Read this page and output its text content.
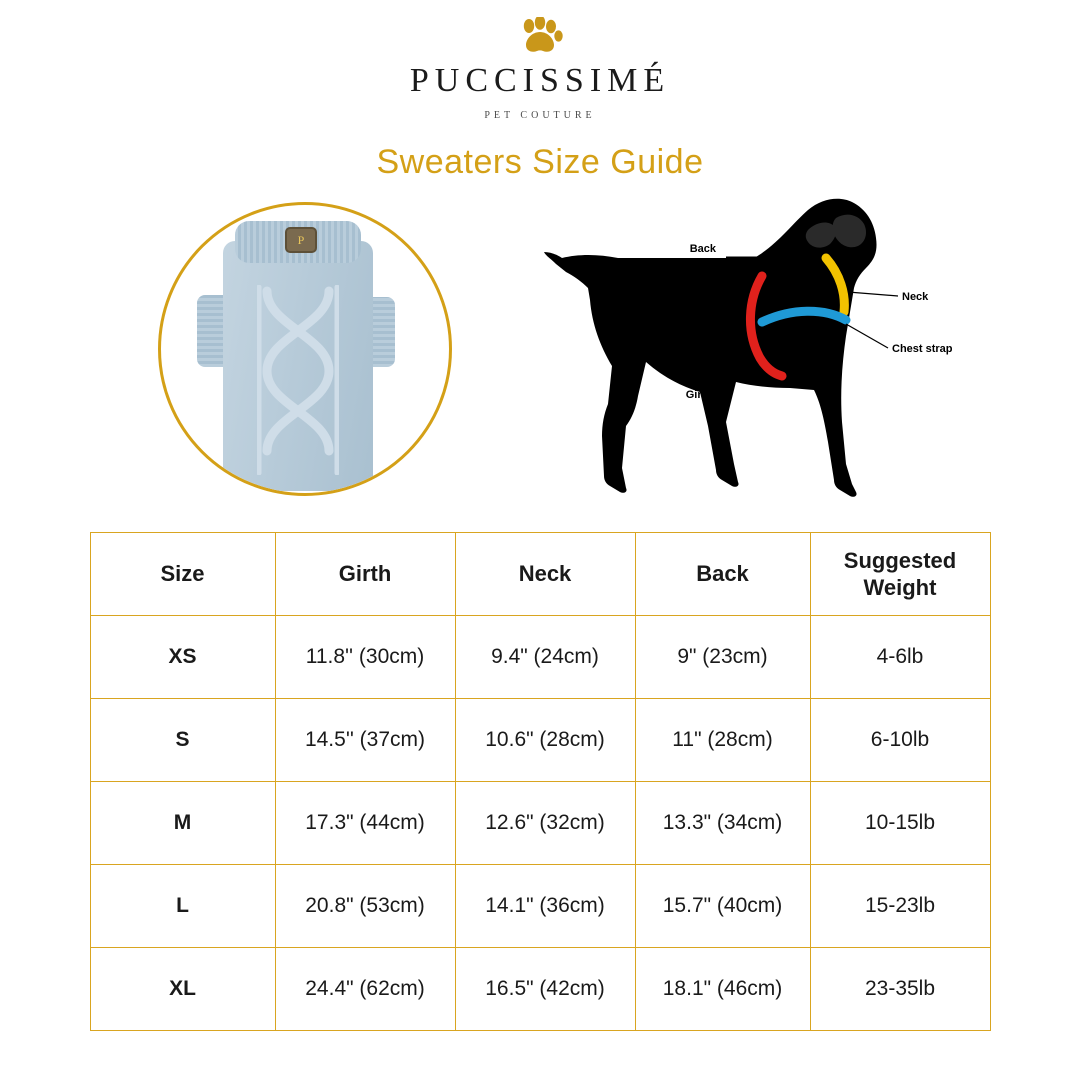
PUCCISSIMÉ
PET COUTURE
Sweaters Size Guide
P
Back
Neck
Chest strap
Girth
Size	Girth	Neck	Back	Suggested Weight
XS	11.8'' (30cm)	9.4" (24cm)	9" (23cm)	4-6lb
S	14.5'' (37cm)	10.6" (28cm)	11" (28cm)	6-10lb
M	17.3" (44cm)	12.6" (32cm)	13.3" (34cm)	10-15lb
L	20.8" (53cm)	14.1" (36cm)	15.7" (40cm)	15-23lb
XL	24.4" (62cm)	16.5" (42cm)	18.1" (46cm)	23-35lb
